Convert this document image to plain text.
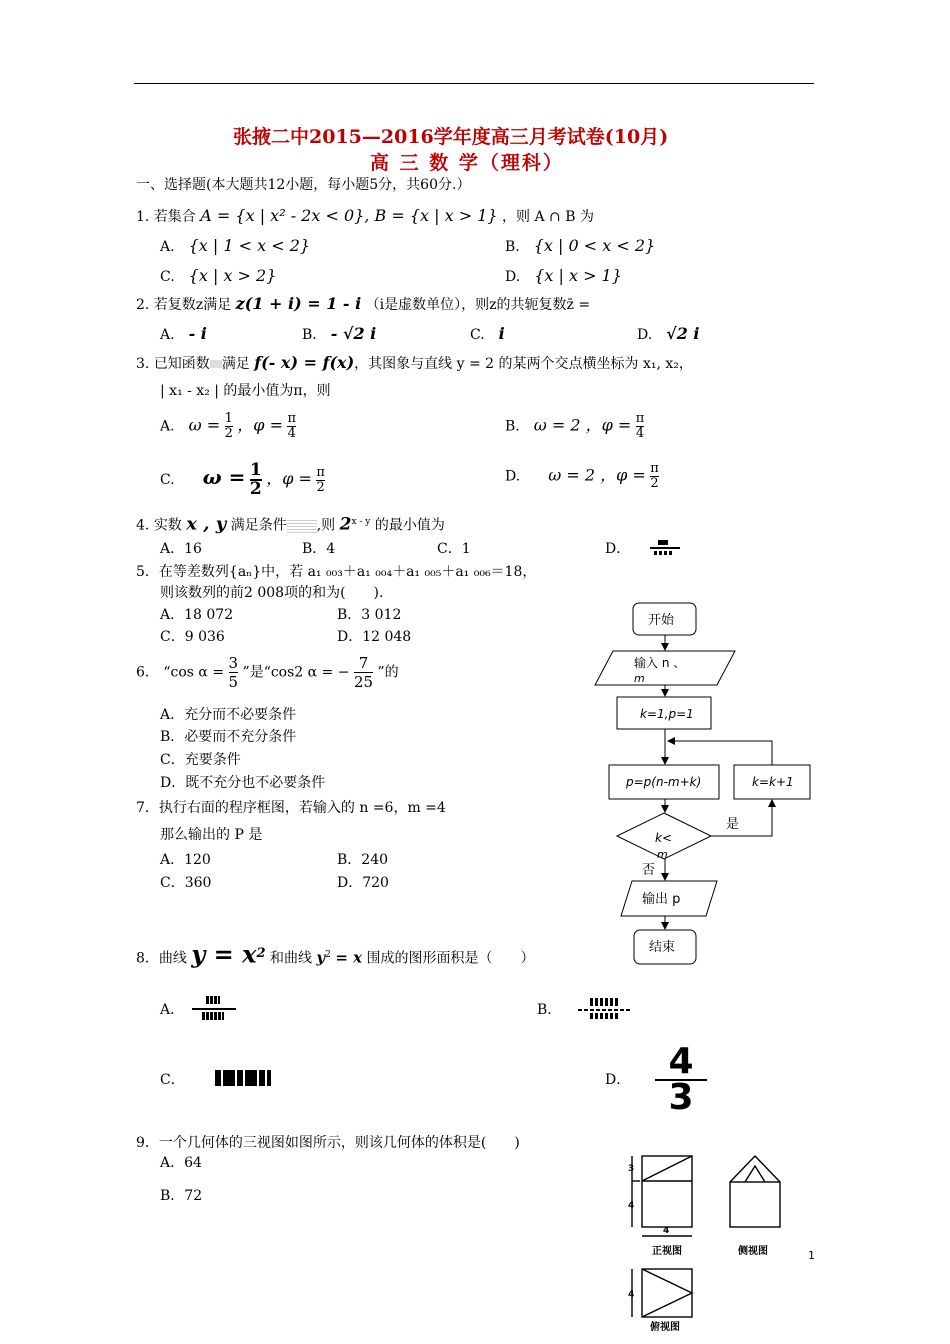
张掖二中2015—2016学年度高三月考试卷(10月)
高 三 数 学（理科）
一、选择题(本大题共12小题，每小题5分，共60分.）
1. 若集合 A = {x | x² - 2x < 0}, B = {x | x > 1} ，则 A ∩ B 为
A.　{x | 1 < x < 2}	B.　{x | 0 < x < 2}
C.　{x | x > 2}	D.　{x | x > 1}
2. 若复数z满足 z(1 + i) = 1 - i （i是虚数单位），则z的共轭复数z̄ =
A.　- i	B.　- √2 i	C.　i	D.　√2 i
3. 已知函数 满足 f(- x) = f(x)，其图象与直线 y = 2 的某两个交点横坐标为 x₁, x₂，
| x₁ - x₂ | 的最小值为π，则
A.　$\omega = \frac{1}{2}$ ，$\varphi = \frac{\pi}{4}$	B.　ω = 2 ，$\varphi = \frac{\pi}{4}$
C.　　$\omega = \frac{1}{2}$ ，$\varphi = \frac{\pi}{2}$	D.　　ω = 2 ，$\varphi = \frac{\pi}{2}$
4. 实数 x , y 满足条件 ,则 2$^{x - y}$ 的最小值为
A．16	B．4	C．1	D．
5．在等差数列{aₙ}中，若 a₁ ₀₀₃＋a₁ ₀₀₄＋a₁ ₀₀₅＋a₁ ₀₀₆＝18，
则该数列的前2 008项的和为(　　).
A．18 072	B．3 012
C．9 036	D．12 048
6． “cos $\alpha = \frac{3}{5}$ ”是“cos2 α = − $\frac{7}{25}$ ”的
A．充分而不必要条件
B．必要而不充分条件
C．充要条件
D．既不充分也不必要条件
7．执行右面的程序框图，若输入的 n =6，m =4
那么输出的 P 是
A．120	B．240
C．360	D．720
开始
输入 n 、
m
k=1,p=1
p=p(n-m+k)	k=k+1
k<
m
是
否
输出 p
结束
8．曲线 $y = x^2$ 和曲线 $y^2 = x$ 围成的图形面积是（　　）
A．	B．
C．	D． 4
3
9．一个几何体的三视图如图所示，则该几何体的体积是(　　)
A．64
B．72
3
4
4
4
正视图	侧视图
俯视图
1
